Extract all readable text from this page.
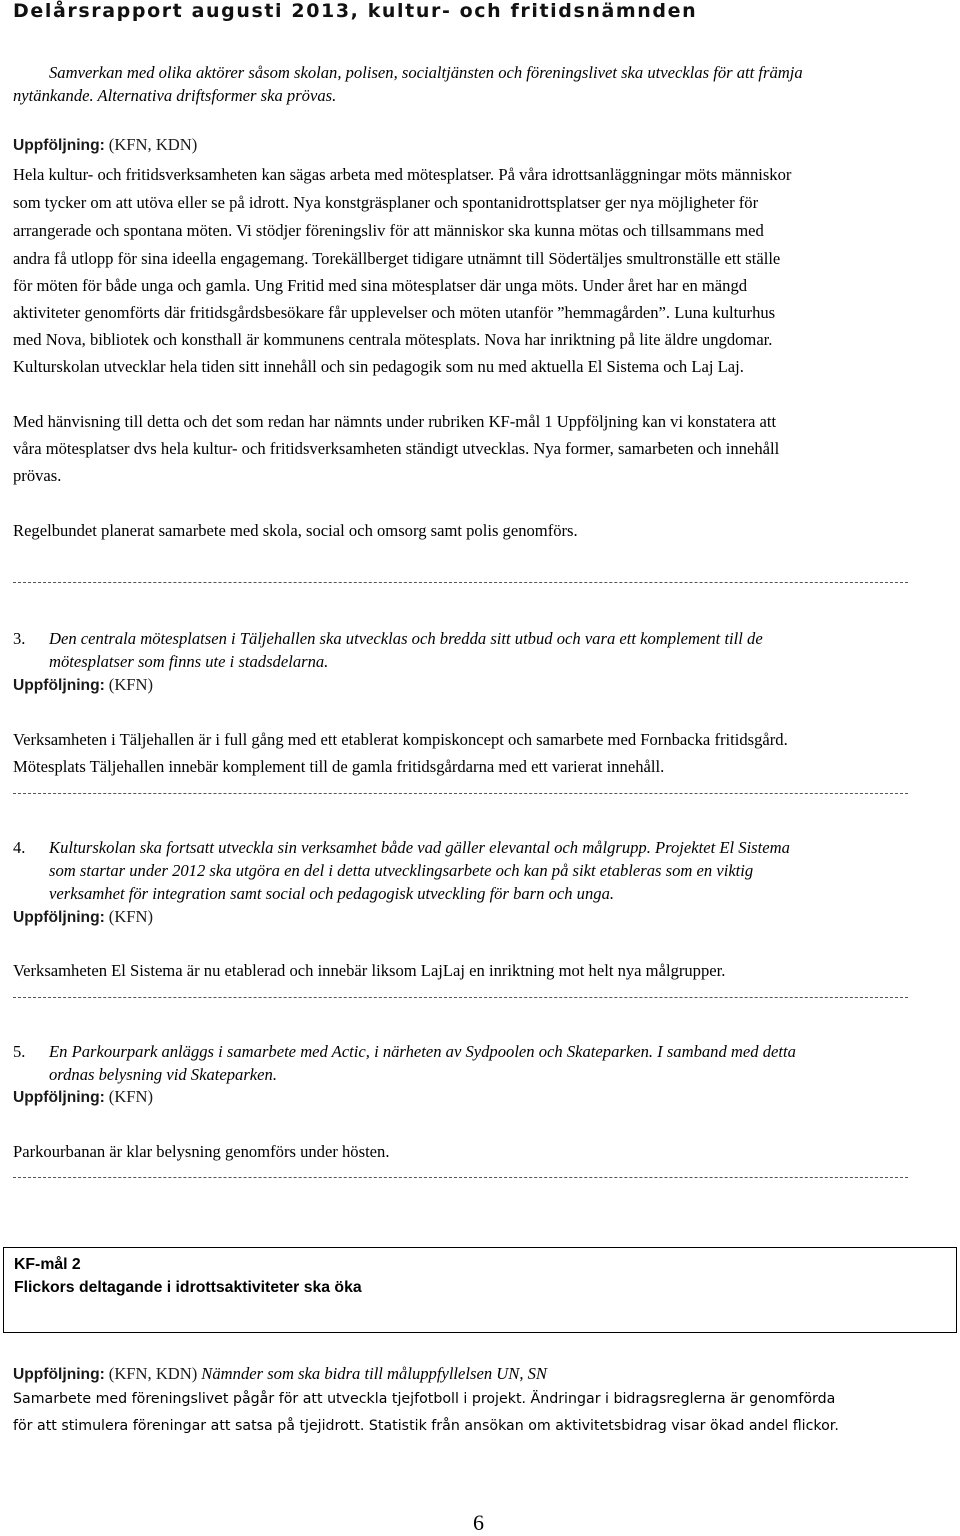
Delårsrapport augusti 2013, kultur- och fritidsnämnden
Samverkan med olika aktörer såsom skolan, polisen, socialtjänsten och föreningslivet ska utvecklas för att främja
nytänkande. Alternativa driftsformer ska prövas.
Uppföljning: (KFN, KDN)
Hela kultur- och fritidsverksamheten kan sägas arbeta med mötesplatser. På våra idrottsanläggningar möts människor
som tycker om att utöva eller se på idrott. Nya konstgräsplaner och spontanidrottsplatser ger nya möjligheter för
arrangerade och spontana möten. Vi stödjer föreningsliv för att människor ska kunna mötas och tillsammans med
andra få utlopp för sina ideella engagemang. Torekällberget tidigare utnämnt till Södertäljes smultronställe ett ställe
för möten för både unga och gamla. Ung Fritid med sina mötesplatser där unga möts. Under året har en mängd
aktiviteter genomförts där fritidsgårdsbesökare får upplevelser och möten utanför ”hemmagården”. Luna kulturhus
med Nova, bibliotek och konsthall är kommunens centrala mötesplats. Nova har inriktning på lite äldre ungdomar.
Kulturskolan utvecklar hela tiden sitt innehåll och sin pedagogik som nu med aktuella El Sistema och Laj Laj.
Med hänvisning till detta och det som redan har nämnts under rubriken KF-mål 1 Uppföljning kan vi konstatera att
våra mötesplatser dvs hela kultur- och fritidsverksamheten ständigt utvecklas. Nya former, samarbeten och innehåll
prövas.
Regelbundet planerat samarbete med skola, social och omsorg samt polis genomförs.
3. Den centrala mötesplatsen i Täljehallen ska utvecklas och bredda sitt utbud och vara ett komplement till de
mötesplatser som finns ute i stadsdelarna.
Uppföljning: (KFN)
Verksamheten i Täljehallen är i full gång med ett etablerat kompiskoncept och samarbete med Fornbacka fritidsgård.
Mötesplats Täljehallen innebär komplement till de gamla fritidsgårdarna med ett varierat innehåll.
4. Kulturskolan ska fortsatt utveckla sin verksamhet både vad gäller elevantal och målgrupp. Projektet El Sistema
som startar under 2012 ska utgöra en del i detta utvecklingsarbete och kan på sikt etableras som en viktig
verksamhet för integration samt social och pedagogisk utveckling för barn och unga.
Uppföljning: (KFN)
Verksamheten El Sistema är nu etablerad och innebär liksom LajLaj en inriktning mot helt nya målgrupper.
5. En Parkourpark anläggs i samarbete med Actic, i närheten av Sydpoolen och Skateparken. I samband med detta
ordnas belysning vid Skateparken.
Uppföljning: (KFN)
Parkourbanan är klar belysning genomförs under hösten.
KF-mål 2
Flickors deltagande i idrottsaktiviteter ska öka
Uppföljning: (KFN, KDN) Nämnder som ska bidra till måluppfyllelsen UN, SN
Samarbete med föreningslivet pågår för att utveckla tjejfotboll i projekt. Ändringar i bidragsreglerna är genomförda
för att stimulera föreningar att satsa på tjejidrott. Statistik från ansökan om aktivitetsbidrag visar ökad andel flickor.
6
